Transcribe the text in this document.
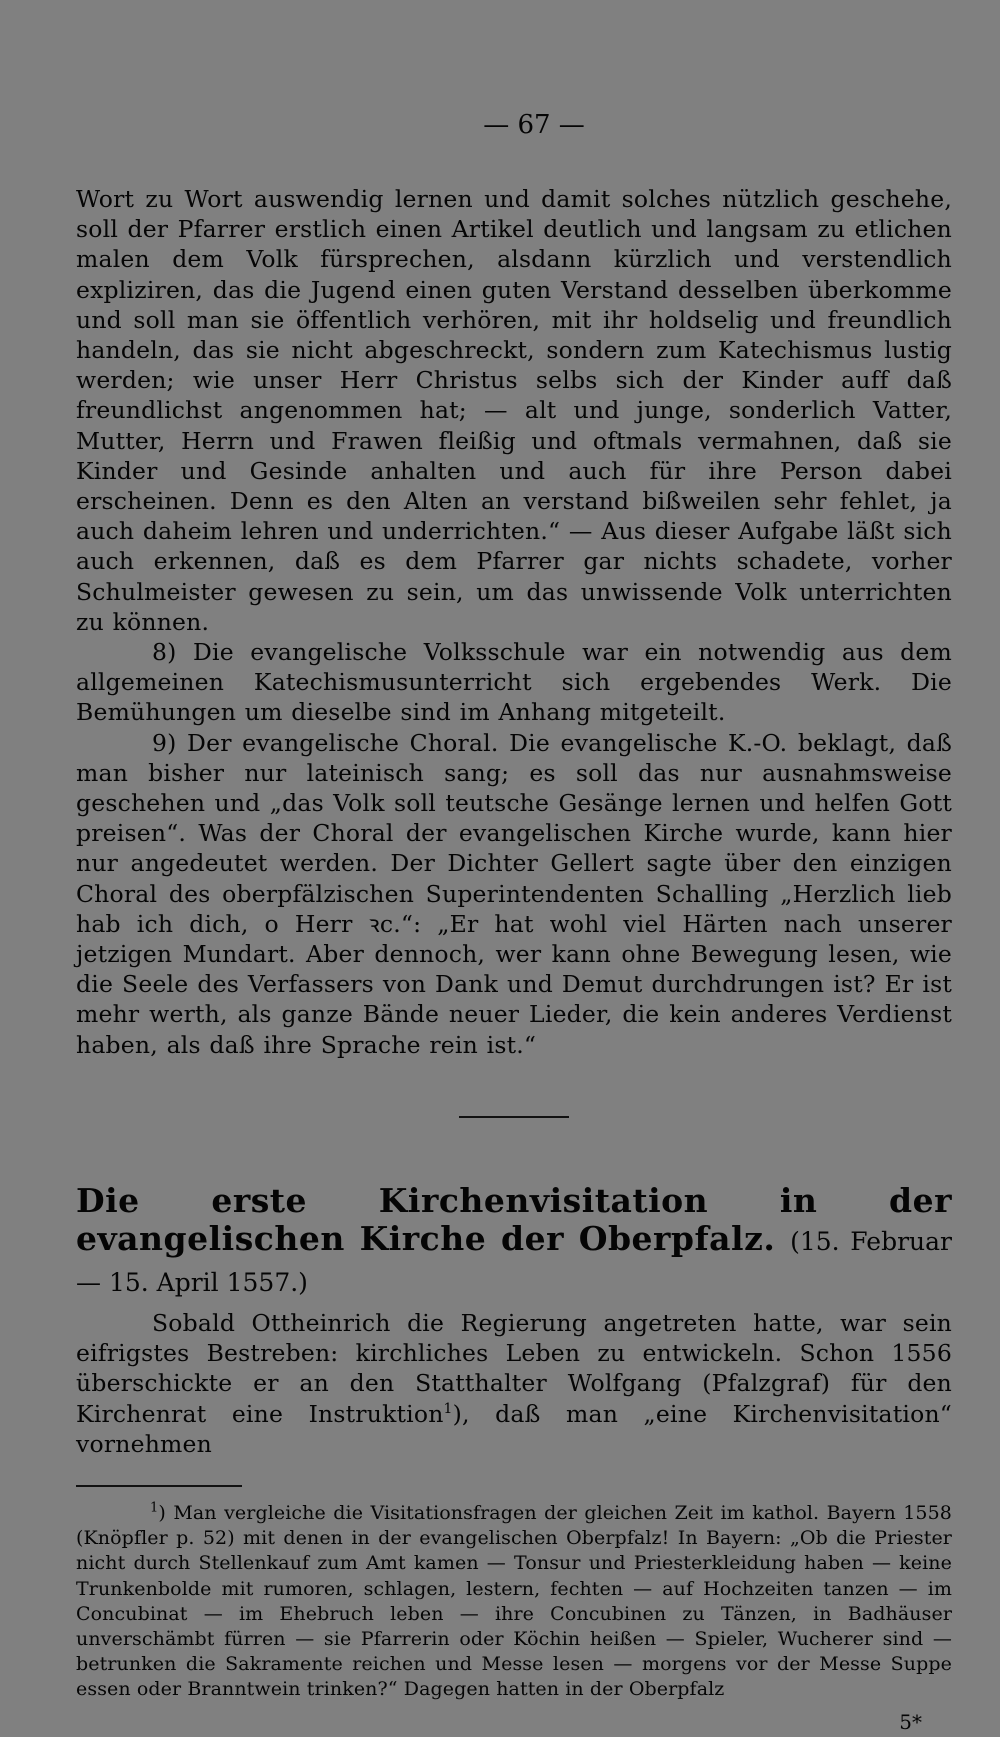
— 67 —

Wort zu Wort auswendig lernen und damit solches nützlich geschehe, soll der Pfarrer erstlich einen Artikel deutlich und langsam zu etlichen malen dem Volk fürsprechen, alsdann kürzlich und verstendlich expliziren, das die Jugend einen guten Verstand desselben überkomme und soll man sie öffentlich verhören, mit ihr holdselig und freundlich handeln, das sie nicht abgeschreckt, sondern zum Katechismus lustig werden; wie unser Herr Christus selbs sich der Kinder auff daß freundlichst angenommen hat; — alt und junge, sonderlich Vatter, Mutter, Herrn und Frawen fleißig und oftmals vermahnen, daß sie Kinder und Gesinde anhalten und auch für ihre Person dabei erscheinen. Denn es den Alten an verstand bißweilen sehr fehlet, ja auch daheim lehren und underrichten.“ — Aus dieser Aufgabe läßt sich auch erkennen, daß es dem Pfarrer gar nichts schadete, vorher Schulmeister gewesen zu sein, um das unwissende Volk unterrichten zu können.

8) Die evangelische Volksschule war ein notwendig aus dem allgemeinen Katechismusunterricht sich ergebendes Werk. Die Bemühungen um dieselbe sind im Anhang mitgeteilt.

9) Der evangelische Choral. Die evangelische K.-O. beklagt, daß man bisher nur lateinisch sang; es soll das nur ausnahmsweise geschehen und „das Volk soll teutsche Gesänge lernen und helfen Gott preisen“. Was der Choral der evangelischen Kirche wurde, kann hier nur angedeutet werden. Der Dichter Gellert sagte über den einzigen Choral des oberpfälzischen Superintendenten Schalling „Herzlich lieb hab ich dich, o Herr ꝛc.“: „Er hat wohl viel Härten nach unserer jetzigen Mundart. Aber dennoch, wer kann ohne Bewegung lesen, wie die Seele des Verfassers von Dank und Demut durchdrungen ist? Er ist mehr werth, als ganze Bände neuer Lieder, die kein anderes Verdienst haben, als daß ihre Sprache rein ist.“

Die erste Kirchenvisitation in der evangelischen Kirche der Oberpfalz. (15. Februar — 15. April 1557.)

Sobald Ottheinrich die Regierung angetreten hatte, war sein eifrigstes Bestreben: kirchliches Leben zu entwickeln. Schon 1556 überschickte er an den Statthalter Wolfgang (Pfalzgraf) für den Kirchenrat eine Instruktion$^1$), daß man „eine Kirchenvisitation“ vornehmen

$^1$) Man vergleiche die Visitationsfragen der gleichen Zeit im kathol. Bayern 1558 (Knöpfler p. 52) mit denen in der evangelischen Oberpfalz! In Bayern: „Ob die Priester nicht durch Stellenkauf zum Amt kamen — Tonsur und Priesterkleidung haben — keine Trunkenbolde mit rumoren, schlagen, lestern, fechten — auf Hochzeiten tanzen — im Concubinat — im Ehebruch leben — ihre Concubinen zu Tänzen, in Badhäuser unverschämbt fürren — sie Pfarrerin oder Köchin heißen — Spieler, Wucherer sind — betrunken die Sakramente reichen und Messe lesen — morgens vor der Messe Suppe essen oder Branntwein trinken?“ Dagegen hatten in der Oberpfalz

5*
